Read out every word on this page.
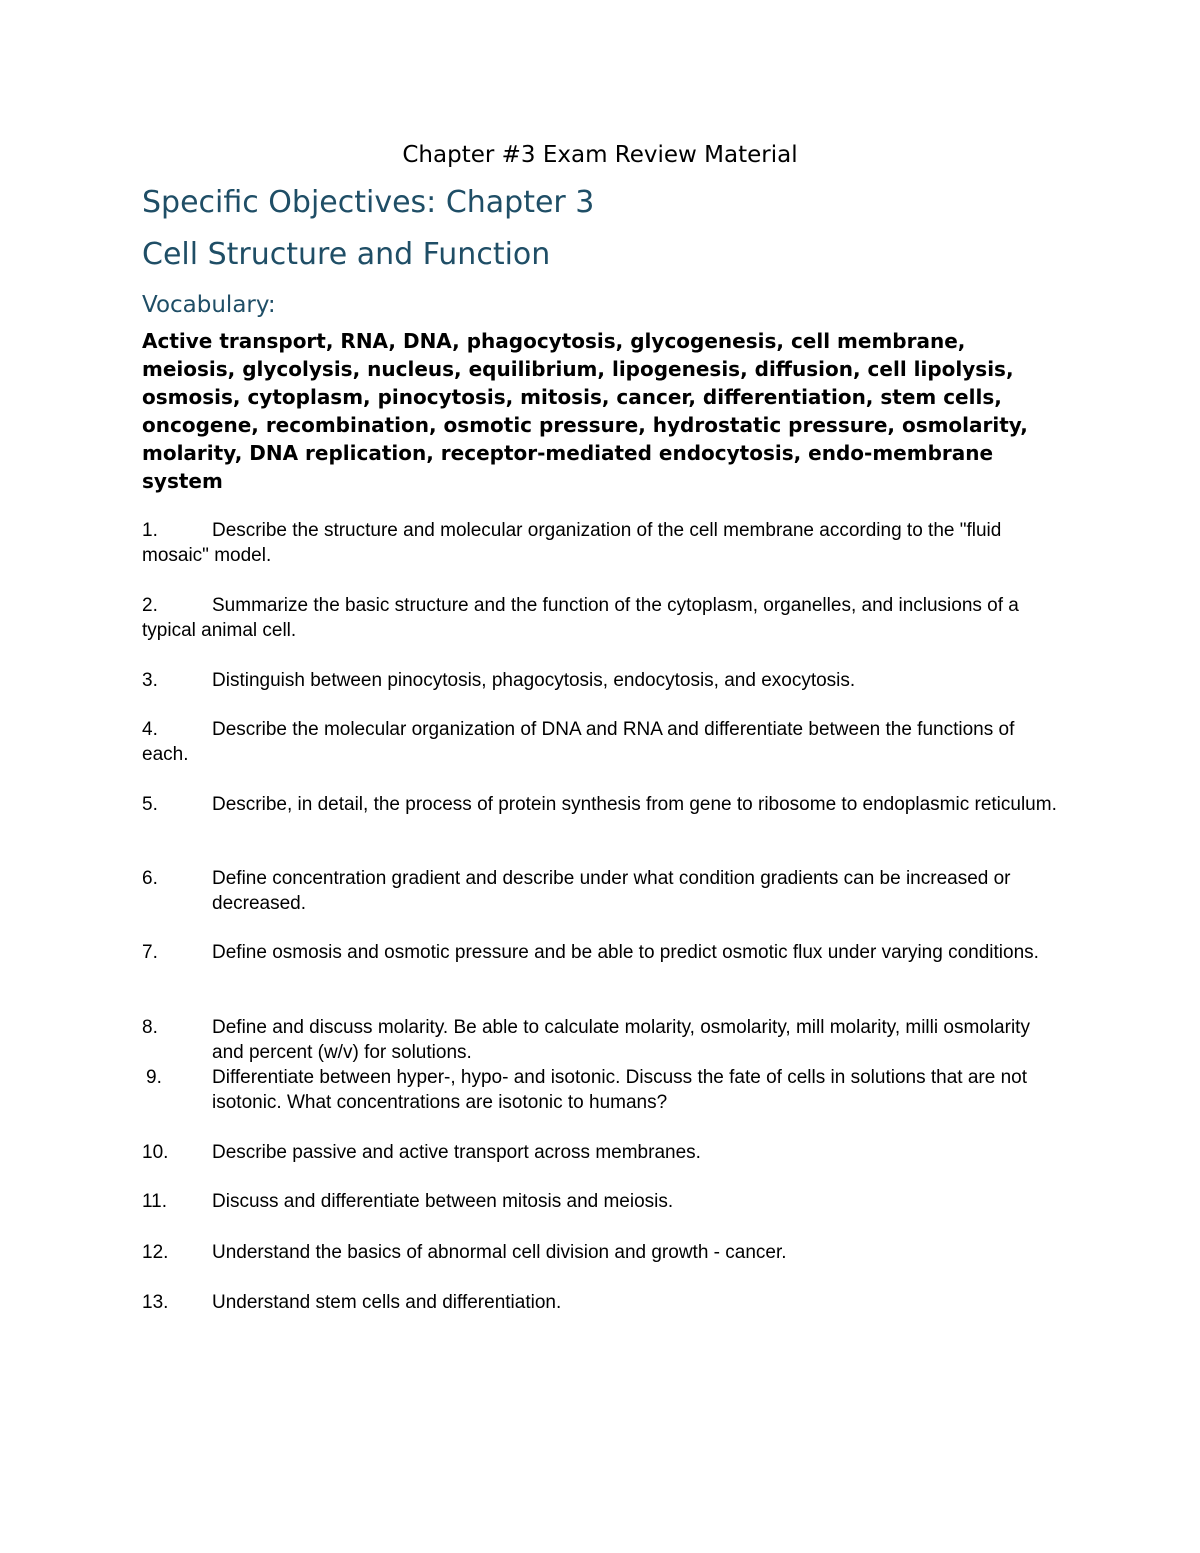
Chapter #3 Exam Review Material
Specific Objectives: Chapter 3
Cell Structure and Function
Vocabulary:
Active transport, RNA, DNA, phagocytosis, glycogenesis, cell membrane, meiosis, glycolysis, nucleus, equilibrium, lipogenesis, diffusion, cell lipolysis, osmosis, cytoplasm, pinocytosis, mitosis, cancer, differentiation, stem cells, oncogene, recombination, osmotic pressure, hydrostatic pressure, osmolarity, molarity, DNA replication, receptor-mediated endocytosis, endo-membrane system
1.	Describe the structure and molecular organization of the cell membrane according to the "fluid mosaic" model.
2.	Summarize the basic structure and the function of the cytoplasm, organelles, and inclusions of a typical animal cell.
3.	Distinguish between pinocytosis, phagocytosis, endocytosis, and exocytosis.
4.	Describe the molecular organization of DNA and RNA and differentiate between the functions of each.
5.	Describe, in detail, the process of protein synthesis from gene to ribosome to endoplasmic reticulum.
6.	Define concentration gradient and describe under what condition gradients can be increased or decreased.
7.	Define osmosis and osmotic pressure and be able to predict osmotic flux under varying conditions.
8.	Define and discuss molarity. Be able to calculate molarity, osmolarity, mill molarity, milli osmolarity and percent (w/v) for solutions.
9.	Differentiate between hyper-, hypo- and isotonic. Discuss the fate of cells in solutions that are not isotonic. What concentrations are isotonic to humans?
10.	Describe passive and active transport across membranes.
11.	Discuss and differentiate between mitosis and meiosis.
12.	Understand the basics of abnormal cell division and growth - cancer.
13.	Understand stem cells and differentiation.
